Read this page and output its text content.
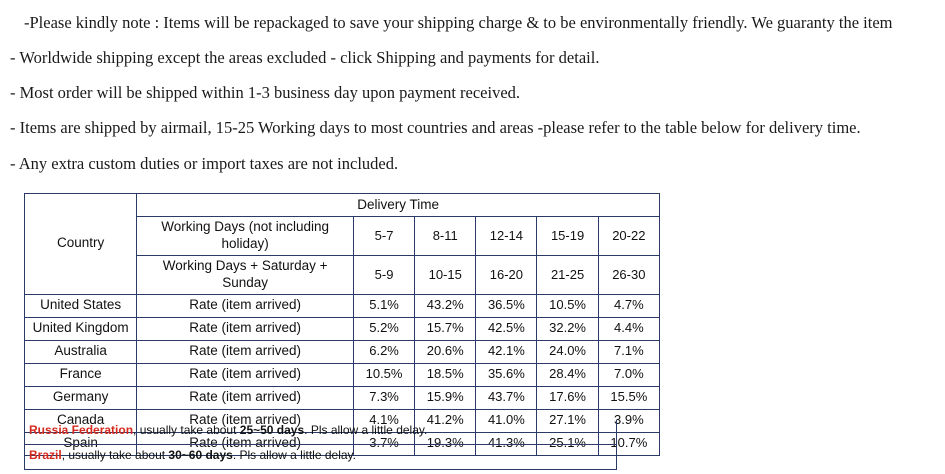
-Please kindly note : Items will be repackaged to save your shipping charge & to be environmentally friendly. We guaranty the item

- Worldwide shipping except the areas excluded - click Shipping and payments for detail.

- Most order will be shipped within 1-3 business day upon payment received.

- Items are shipped by airmail, 15-25 Working days to most countries and areas -please refer to the table below for delivery time.

- Any extra custom duties or import taxes are not included.

Country	Delivery Time					
	Working Days (not including holiday)	5-7	8-11	12-14	15-19	20-22
	Working Days + Saturday + Sunday	5-9	10-15	16-20	21-25	26-30
United States	Rate (item arrived)	5.1%	43.2%	36.5%	10.5%	4.7%
United Kingdom	Rate (item arrived)	5.2%	15.7%	42.5%	32.2%	4.4%
Australia	Rate (item arrived)	6.2%	20.6%	42.1%	24.0%	7.1%
France	Rate (item arrived)	10.5%	18.5%	35.6%	28.4%	7.0%
Germany	Rate (item arrived)	7.3%	15.9%	43.7%	17.6%	15.5%
Canada	Rate (item arrived)	4.1%	41.2%	41.0%	27.1%	3.9%
Spain	Rate (item arrived)	3.7%	19.3%	41.3%	25.1%	10.7%
Russia Federation, usually take about 25~50 days. Pls allow a little delay.
Brazil, usually take about 30~60 days. Pls allow a little delay.
